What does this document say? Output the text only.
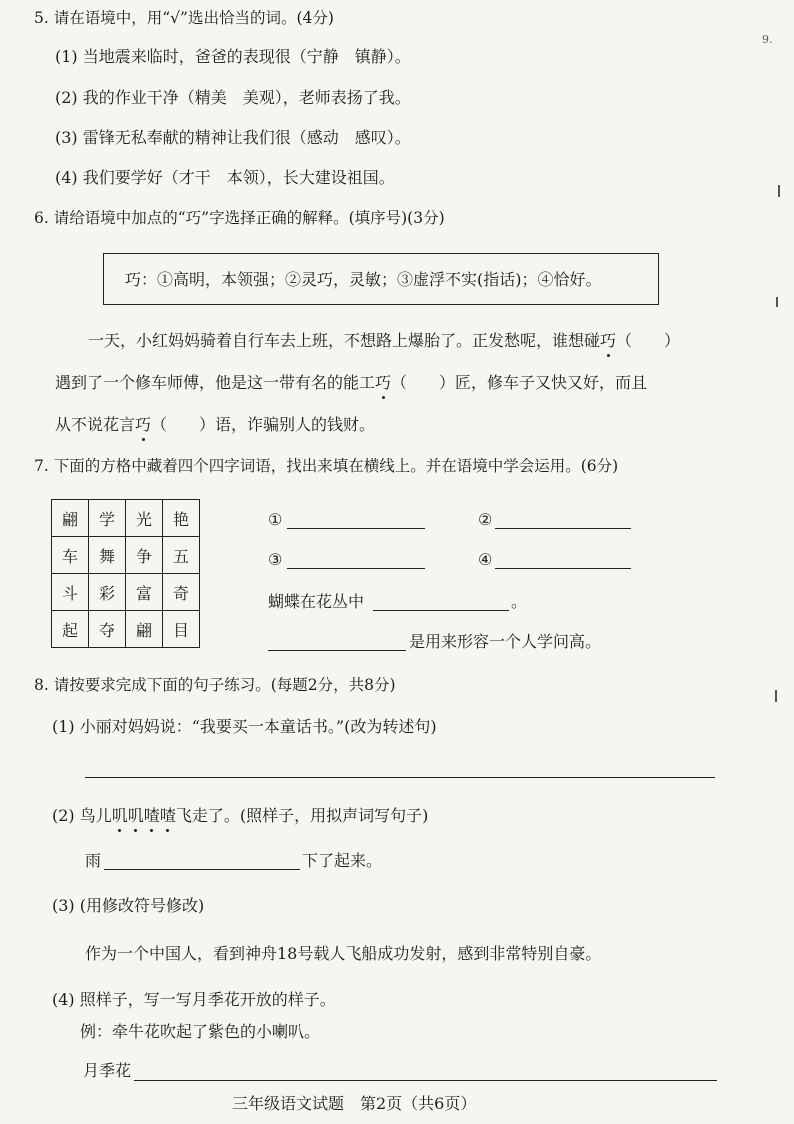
5. 请在语境中，用“√”选出恰当的词。(4分)
(1) 当地震来临时，爸爸的表现很（宁静　镇静）。
(2) 我的作业干净（精美　美观），老师表扬了我。
(3) 雷锋无私奉献的精神让我们很（感动　感叹）。
(4) 我们要学好（才干　本领），长大建设祖国。
6. 请给语境中加点的“巧”字选择正确的解释。(填序号)(3分)
巧：①高明，本领强；②灵巧，灵敏；③虚浮不实(指话)；④恰好。
一天，小红妈妈骑着自行车去上班，不想路上爆胎了。正发愁呢，谁想碰巧（　　）
遇到了一个修车师傅，他是这一带有名的能工巧（　　）匠，修车子又快又好，而且
从不说花言巧（　　）语，诈骗别人的钱财。
7. 下面的方格中藏着四个四字词语，找出来填在横线上。并在语境中学会运用。(6分)
翩	学	光	艳
车	舞	争	五
斗	彩	富	奇
起	夺	翩	目
①	②
③	④
蝴蝶在花丛中	。
是用来形容一个人学问高。
8. 请按要求完成下面的句子练习。(每题2分，共8分)
(1) 小丽对妈妈说：“我要买一本童话书。”(改为转述句)
(2) 鸟儿叽叽喳喳飞走了。(照样子，用拟声词写句子)
雨	下了起来。
(3) (用修改符号修改)
作为一个中国人，看到神舟18号载人飞船成功发射，感到非常特别自豪。
(4) 照样子，写一写月季花开放的样子。
例：牵牛花吹起了紫色的小喇叭。
月季花
三年级语文试题　第2页（共6页）
9.
